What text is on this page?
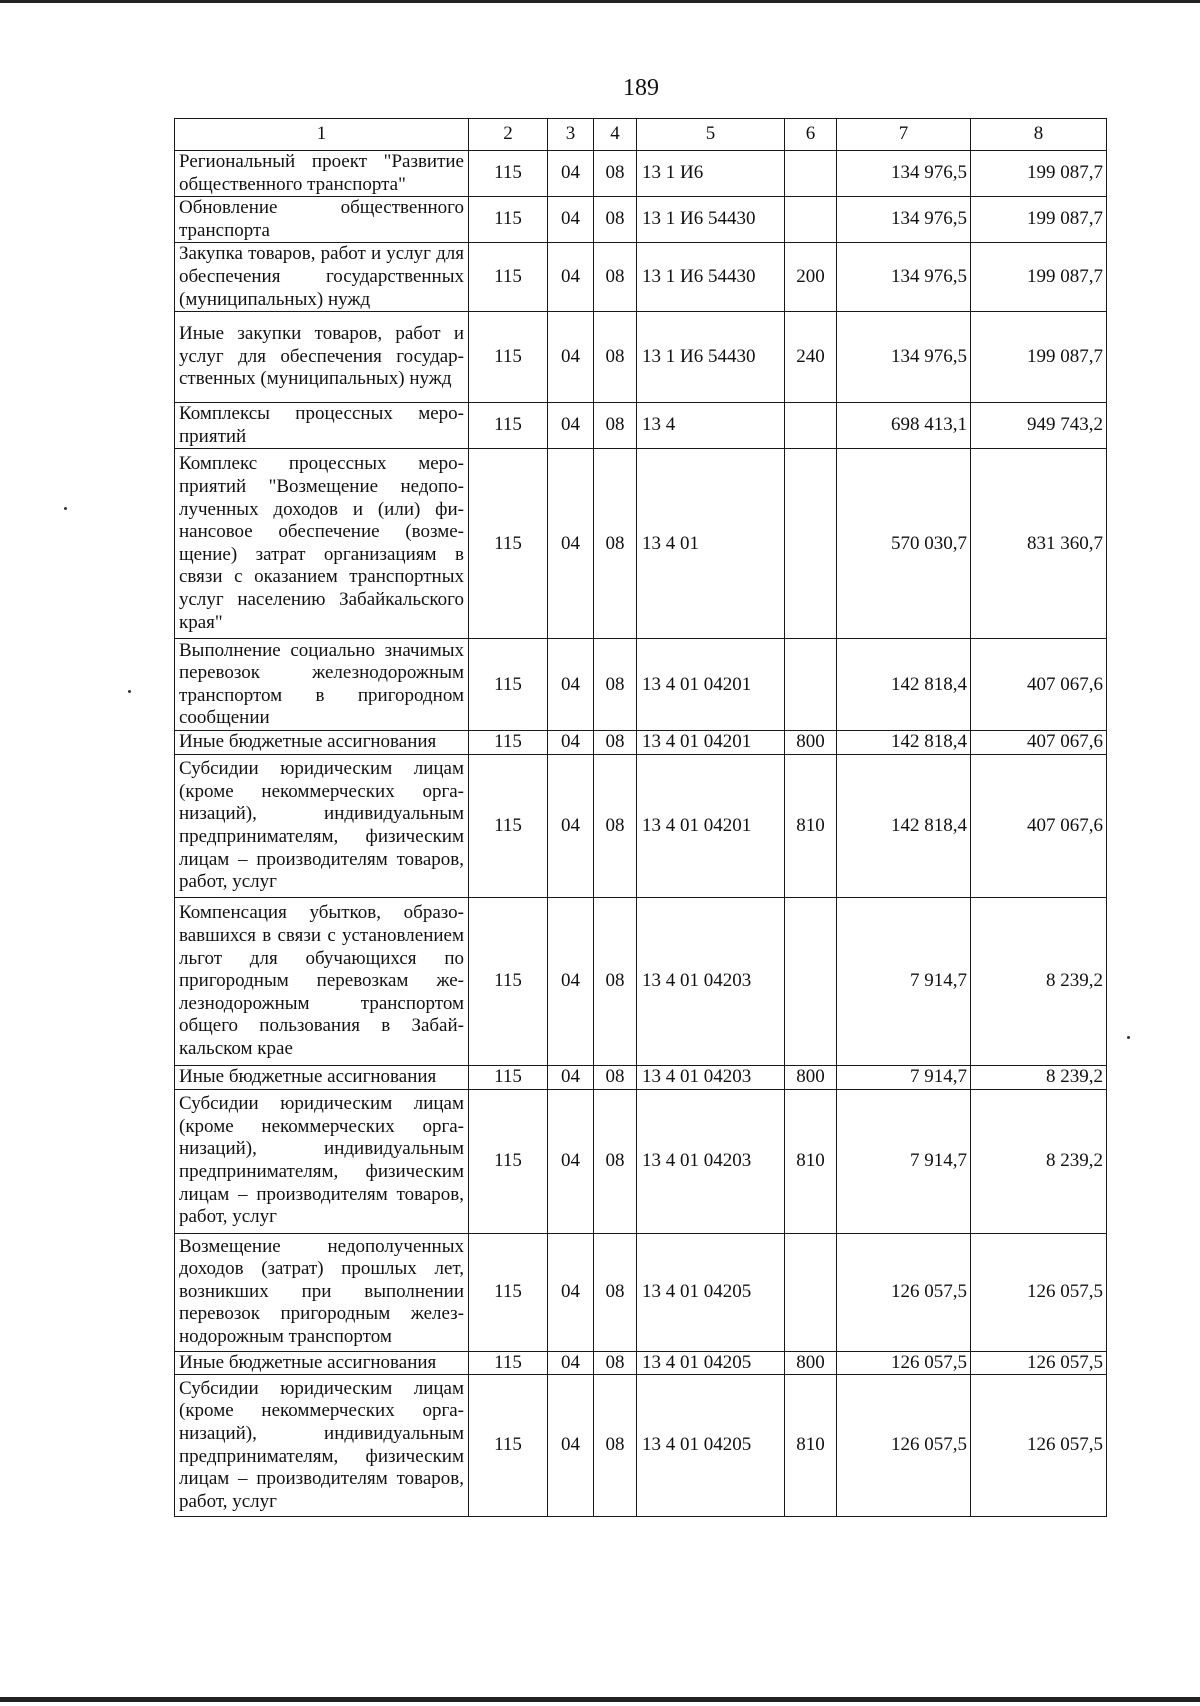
189
1	2	3	4	5	6	7	8
Региональный проект "Развитие общественного транспорта"	115	04	08	13 1 И6		134 976,5	199 087,7
Обновление общественного транспорта	115	04	08	13 1 И6 54430		134 976,5	199 087,7
Закупка товаров, работ и услуг для обеспечения государственных (муниципальных) нужд	115	04	08	13 1 И6 54430	200	134 976,5	199 087,7
Иные закупки товаров, работ и услуг для обеспечения государственных (муниципальных) нужд	115	04	08	13 1 И6 54430	240	134 976,5	199 087,7
Комплексы процессных мероприятий	115	04	08	13 4		698 413,1	949 743,2
Комплекс процессных мероприятий "Возмещение недополученных доходов и (или) финансовое обеспечение (возмещение) затрат организациям в связи с оказанием транспортных услуг населению Забайкальского края"	115	04	08	13 4 01		570 030,7	831 360,7
Выполнение социально значимых перевозок железнодорожным транспортом в пригородном сообщении	115	04	08	13 4 01 04201		142 818,4	407 067,6
Иные бюджетные ассигнования	115	04	08	13 4 01 04201	800	142 818,4	407 067,6
Субсидии юридическим лицам (кроме некоммерческих организаций), индивидуальным предпринимателям, физическим лицам – производителям товаров, работ, услуг	115	04	08	13 4 01 04201	810	142 818,4	407 067,6
Компенсация убытков, образовавшихся в связи с установлением льгот для обучающихся по пригородным перевозкам железнодорожным транспортом общего пользования в Забайкальском крае	115	04	08	13 4 01 04203		7 914,7	8 239,2
Иные бюджетные ассигнования	115	04	08	13 4 01 04203	800	7 914,7	8 239,2
Субсидии юридическим лицам (кроме некоммерческих организаций), индивидуальным предпринимателям, физическим лицам – производителям товаров, работ, услуг	115	04	08	13 4 01 04203	810	7 914,7	8 239,2
Возмещение недополученных доходов (затрат) прошлых лет, возникших при выполнении перевозок пригородным железнодорожным транспортом	115	04	08	13 4 01 04205		126 057,5	126 057,5
Иные бюджетные ассигнования	115	04	08	13 4 01 04205	800	126 057,5	126 057,5
Субсидии юридическим лицам (кроме некоммерческих организаций), индивидуальным предпринимателям, физическим лицам – производителям товаров, работ, услуг	115	04	08	13 4 01 04205	810	126 057,5	126 057,5
